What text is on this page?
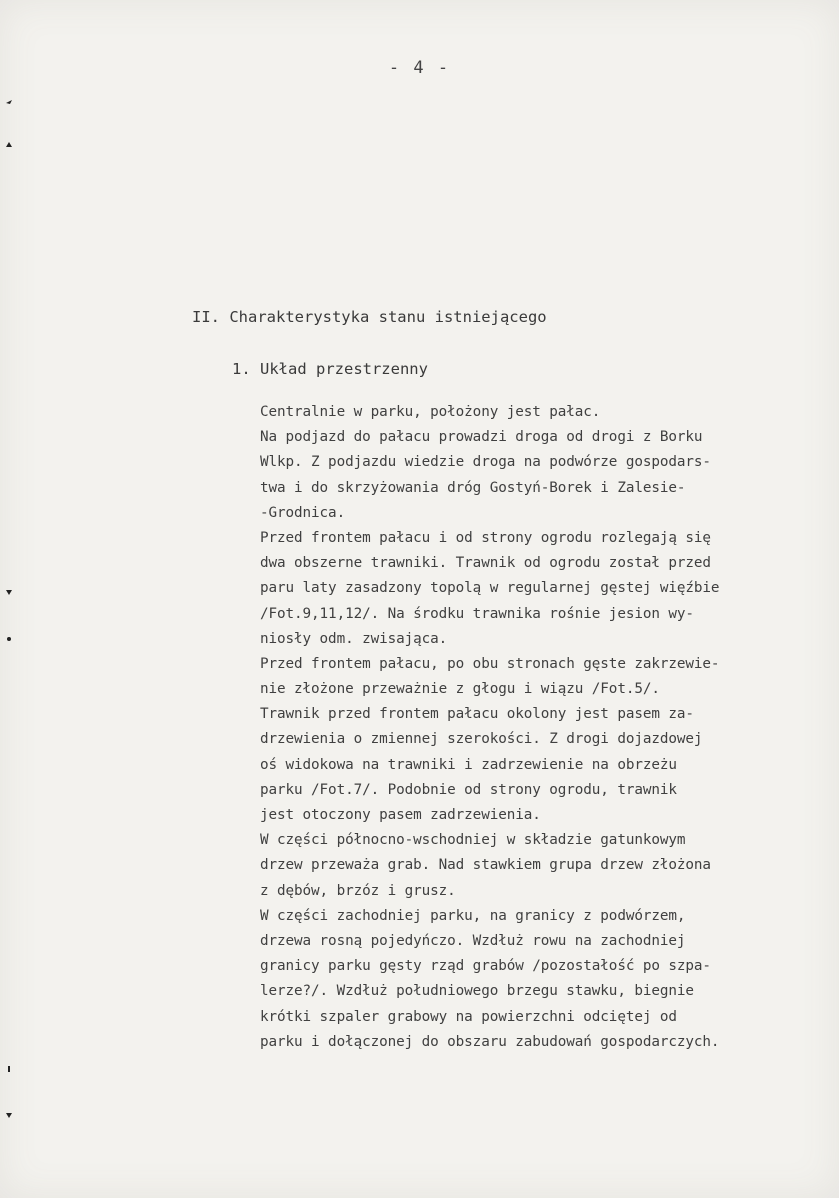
- 4 -
II. Charakterystyka stanu istniejącego
1. Układ przestrzenny
Centralnie w parku, położony jest pałac.
Na podjazd do pałacu prowadzi droga od drogi z Borku
Wlkp. Z podjazdu wiedzie droga na podwórze gospodars-
twa i do skrzyżowania dróg Gostyń-Borek i Zalesie-
-Grodnica.
Przed frontem pałacu i od strony ogrodu rozlegają się
dwa obszerne trawniki. Trawnik od ogrodu został przed
paru laty zasadzony topolą w regularnej gęstej więźbie
/Fot.9,11,12/. Na środku trawnika rośnie jesion wy-
niosły odm. zwisająca.
Przed frontem pałacu, po obu stronach gęste zakrzewie-
nie złożone przeważnie z głogu i wiązu /Fot.5/.
Trawnik przed frontem pałacu okolony jest pasem za-
drzewienia o zmiennej szerokości. Z drogi dojazdowej
oś widokowa na trawniki i zadrzewienie na obrzeżu
parku /Fot.7/. Podobnie od strony ogrodu, trawnik
jest otoczony pasem zadrzewienia.
W części północno-wschodniej w składzie gatunkowym
drzew przeważa grab. Nad stawkiem grupa drzew złożona
z dębów, brzóz i grusz.
W części zachodniej parku, na granicy z podwórzem,
drzewa rosną pojedyńczo. Wzdłuż rowu na zachodniej
granicy parku gęsty rząd grabów /pozostałość po szpa-
lerze?/. Wzdłuż południowego brzegu stawku, biegnie
krótki szpaler grabowy na powierzchni odciętej od
parku i dołączonej do obszaru zabudowań gospodarczych.
